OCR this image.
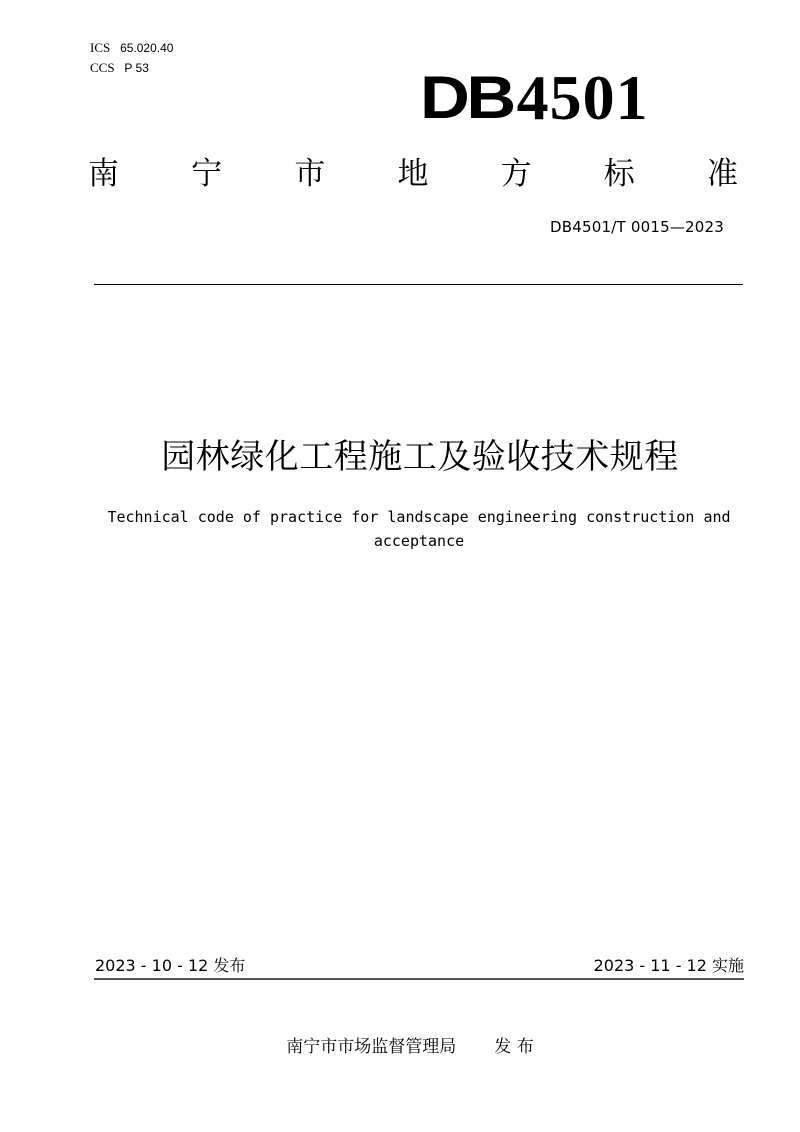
ICS 65.020.40
CCS P 53	DB 4501
南 宁 市 地 方 标 准
DB4501/T 0015—2023
园林绿化工程施工及验收技术规程
Technical code of practice for landscape engineering construction and acceptance
2023 - 10 - 12 发布	2023 - 11 - 12 实施
南宁市市场监督管理局 发 布
